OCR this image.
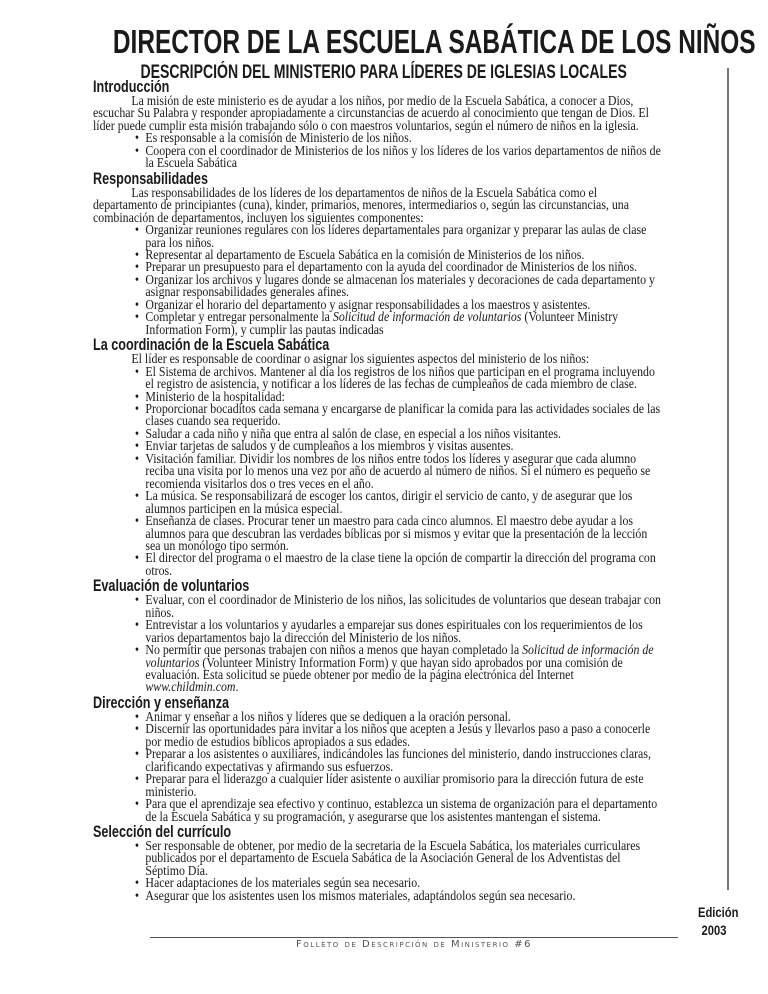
DIRECTOR DE LA ESCUELA SABÁTICA DE LOS NIÑOS
DESCRIPCIÓN DEL MINISTERIO PARA LÍDERES DE IGLESIAS LOCALES
Introducción

La misión de este ministerio es de ayudar a los niños, por medio de la Escuela Sabática, a conocer a Dios, escuchar Su Palabra y responder apropiadamente a circunstancias de acuerdo al conocimiento que tengan de Dios. El líder puede cumplir esta misión trabajando sólo o con maestros voluntarios, según el número de niños en la iglesia.

• Es responsable a la comisión de Ministerio de los niños.
• Coopera con el coordinador de Ministerios de los niños y los líderes de los varios departamentos de niños de la Escuela Sabática
Responsabilidades

Las responsabilidades de los líderes de los departamentos de niños de la Escuela Sabática como el departamento de principiantes (cuna), kinder, primarios, menores, intermediarios o, según las circunstancias, una combinación de departamentos, incluyen los siguientes componentes:

• Organizar reuniones regulares con los líderes departamentales para organizar y preparar las aulas de clase para los niños.
• Representar al departamento de Escuela Sabática en la comisión de Ministerios de los niños.
• Preparar un presupuesto para el departamento con la ayuda del coordinador de Ministerios de los niños.
• Organizar los archivos y lugares donde se almacenan los materiales y decoraciones de cada departamento y asignar responsabilidades generales afines.
• Organizar el horario del departamento y asignar responsabilidades a los maestros y asistentes.
• Completar y entregar personalmente la Solicitud de información de voluntarios (Volunteer Ministry Information Form), y cumplir las pautas indicadas
La coordinación de la Escuela Sabática

El líder es responsable de coordinar o asignar los siguientes aspectos del ministerio de los niños:

• El Sistema de archivos. Mantener al día los registros de los niños que participan en el programa incluyendo el registro de asistencia, y notificar a los líderes de las fechas de cumpleaños de cada miembro de clase.
• Ministerio de la hospitalidad:
• Proporcionar bocaditos cada semana y encargarse de planificar la comida para las actividades sociales de las clases cuando sea requerido.
• Saludar a cada niño y niña que entra al salón de clase, en especial a los niños visitantes.
• Enviar tarjetas de saludos y de cumpleaños a los miembros y visitas ausentes.
• Visitación familiar. Dividir los nombres de los niños entre todos los líderes y asegurar que cada alumno reciba una visita por lo menos una vez por año de acuerdo al número de niños. Si el número es pequeño se recomienda visitarlos dos o tres veces en el año.
• La música. Se responsabilizará de escoger los cantos, dirigir el servicio de canto, y de asegurar que los alumnos participen en la música especial.
• Enseñanza de clases. Procurar tener un maestro para cada cinco alumnos. El maestro debe ayudar a los alumnos para que descubran las verdades bíblicas por si mismos y evitar que la presentación de la lección sea un monólogo tipo sermón.
• El director del programa o el maestro de la clase tiene la opción de compartir la dirección del programa con otros.
Evaluación de voluntarios
• Evaluar, con el coordinador de Ministerio de los niños, las solicitudes de voluntarios que desean trabajar con niños.
• Entrevistar a los voluntarios y ayudarles a emparejar sus dones espirituales con los requerimientos de los varios departamentos bajo la dirección del Ministerio de los niños.
• No permitir que personas trabajen con niños a menos que hayan completado la Solicitud de información de voluntarios (Volunteer Ministry Information Form) y que hayan sido aprobados por una comisión de evaluación. Esta solicitud se puede obtener por medio de la página electrónica del Internet www.childmin.com.
Dirección y enseñanza
• Animar y enseñar a los niños y líderes que se dediquen a la oración personal.
• Discernir las oportunidades para invitar a los niños que acepten a Jesús y llevarlos paso a paso a conocerle por medio de estudios bíblicos apropiados a sus edades.
• Preparar a los asistentes o auxiliares, indicándoles las funciones del ministerio, dando instrucciones claras, clarificando expectativas y afirmando sus esfuerzos.
• Preparar para el liderazgo a cualquier líder asistente o auxiliar promisorio para la dirección futura de este ministerio.
• Para que el aprendizaje sea efectivo y continuo, establezca un sistema de organización para el departamento de la Escuela Sabática y su programación, y asegurarse que los asistentes mantengan el sistema.
Selección del currículo
• Ser responsable de obtener, por medio de la secretaria de la Escuela Sabática, los materiales curriculares publicados por el departamento de Escuela Sabática de la Asociación General de los Adventistas del Séptimo Día.
• Hacer adaptaciones de los materiales según sea necesario.
• Asegurar que los asistentes usen los mismos materiales, adaptándolos según sea necesario.
Edición
2003
Folleto de Descripción de Ministerio #6
